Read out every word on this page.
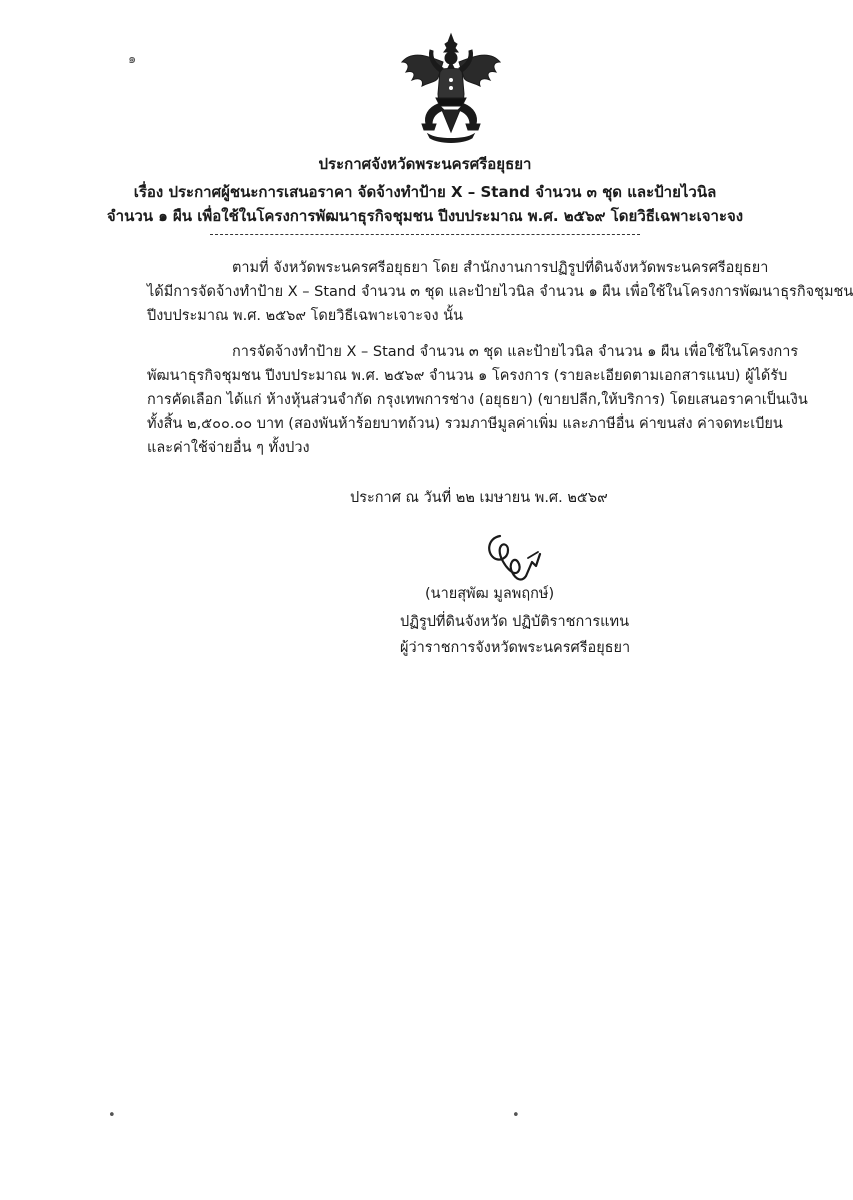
๑
•	•
ประกาศจังหวัดพระนครศรีอยุธยา
เรื่อง ประกาศผู้ชนะการเสนอราคา จัดจ้างทำป้าย X – Stand จำนวน ๓ ชุด และป้ายไวนิล
จำนวน ๑ ผืน เพื่อใช้ในโครงการพัฒนาธุรกิจชุมชน ปีงบประมาณ พ.ศ. ๒๕๖๙ โดยวิธีเฉพาะเจาะจง
ตามที่ จังหวัดพระนครศรีอยุธยา โดย สำนักงานการปฏิรูปที่ดินจังหวัดพระนครศรีอยุธยา
ได้มีการจัดจ้างทำป้าย X – Stand จำนวน ๓ ชุด และป้ายไวนิล จำนวน ๑ ผืน เพื่อใช้ในโครงการพัฒนาธุรกิจชุมชน
ปีงบประมาณ พ.ศ. ๒๕๖๙ โดยวิธีเฉพาะเจาะจง นั้น
การจัดจ้างทำป้าย X – Stand จำนวน ๓ ชุด และป้ายไวนิล จำนวน ๑ ผืน เพื่อใช้ในโครงการ
พัฒนาธุรกิจชุมชน ปีงบประมาณ พ.ศ. ๒๕๖๙ จำนวน ๑ โครงการ (รายละเอียดตามเอกสารแนบ) ผู้ได้รับ
การคัดเลือก ได้แก่ ห้างหุ้นส่วนจำกัด กรุงเทพการช่าง (อยุธยา) (ขายปลีก,ให้บริการ) โดยเสนอราคาเป็นเงิน
ทั้งสิ้น ๒,๕๐๐.๐๐ บาท (สองพันห้าร้อยบาทถ้วน) รวมภาษีมูลค่าเพิ่ม และภาษีอื่น ค่าขนส่ง ค่าจดทะเบียน
และค่าใช้จ่ายอื่น ๆ ทั้งปวง
ประกาศ ณ วันที่ ๒๒ เมษายน พ.ศ. ๒๕๖๙
(นายสุพัฒ มูลพฤกษ์)
ปฏิรูปที่ดินจังหวัด ปฏิบัติราชการแทน
ผู้ว่าราชการจังหวัดพระนครศรีอยุธยา
